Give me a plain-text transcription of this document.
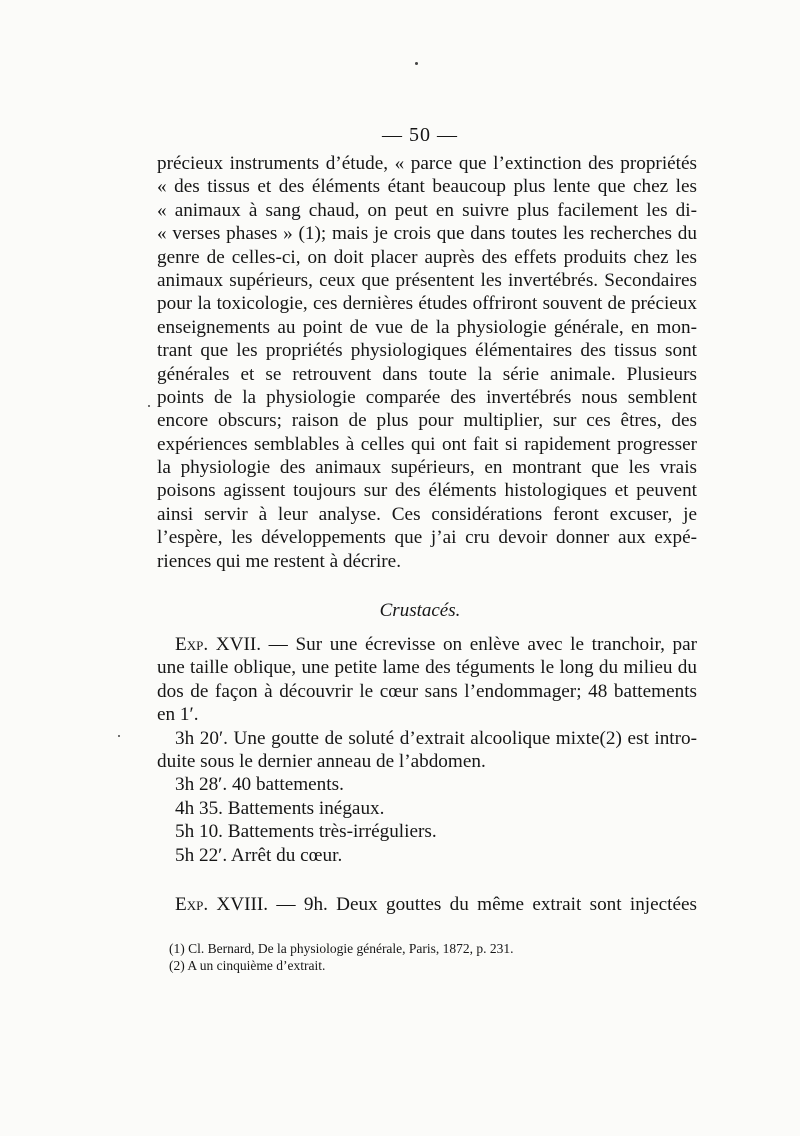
— 50 —
précieux instruments d’étude, « parce que l’extinction des propriétés
« des tissus et des éléments étant beaucoup plus lente que chez les
« animaux à sang chaud, on peut en suivre plus facilement les di-
« verses phases » (1); mais je crois que dans toutes les recherches du
genre de celles-ci, on doit placer auprès des effets produits chez les
animaux supérieurs, ceux que présentent les invertébrés. Secondaires
pour la toxicologie, ces dernières études offriront souvent de précieux
enseignements au point de vue de la physiologie générale, en mon-
trant que les propriétés physiologiques élémentaires des tissus sont
générales et se retrouvent dans toute la série animale. Plusieurs
points de la physiologie comparée des invertébrés nous semblent
encore obscurs; raison de plus pour multiplier, sur ces êtres, des
expériences semblables à celles qui ont fait si rapidement progresser
la physiologie des animaux supérieurs, en montrant que les vrais
poisons agissent toujours sur des éléments histologiques et peuvent
ainsi servir à leur analyse. Ces considérations feront excuser, je
l’espère, les développements que j’ai cru devoir donner aux expé-
riences qui me restent à décrire.
Crustacés.
Exp. XVII. — Sur une écrevisse on enlève avec le tranchoir, par
une taille oblique, une petite lame des téguments le long du milieu du
dos de façon à découvrir le cœur sans l’endommager; 48 battements
en 1′.
3h 20′. Une goutte de soluté d’extrait alcoolique mixte(2) est intro-
duite sous le dernier anneau de l’abdomen.
3h 28′. 40 battements.
4h 35. Battements inégaux.
5h 10. Battements très-irréguliers.
5h 22′. Arrêt du cœur.
Exp. XVIII. — 9h. Deux gouttes du même extrait sont injectées
(1) Cl. Bernard, De la physiologie générale, Paris, 1872, p. 231.
(2) A un cinquième d’extrait.
